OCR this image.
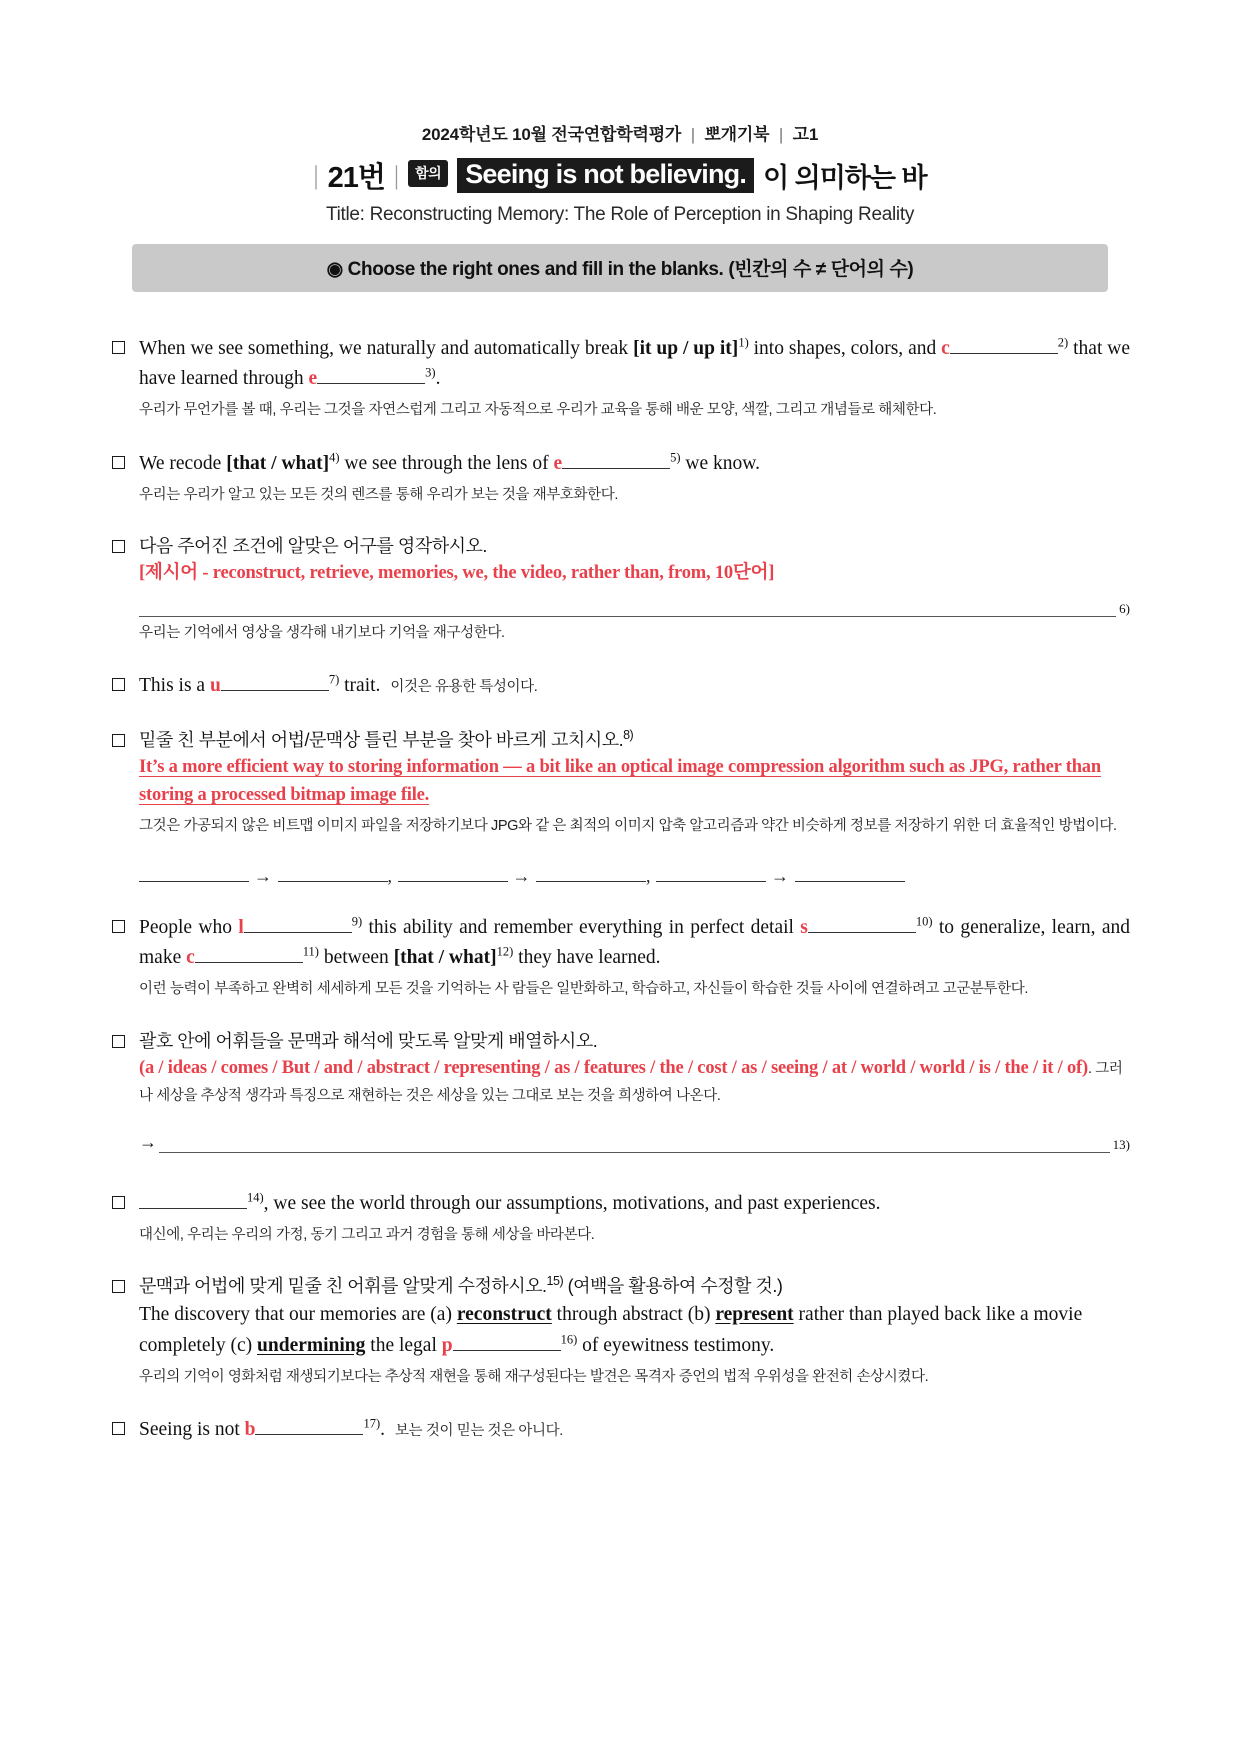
2024학년도 10월 전국연합학력평가 | 뽀개기북 | 고1
| 21번 |	함의 Seeing is not believing. 이 의미하는 바
Title: Reconstructing Memory: The Role of Perception in Shaping Reality
◉ Choose the right ones and fill in the blanks. (빈칸의 수 ≠ 단어의 수)
When we see something, we naturally and automatically break [it up / up it]$^{1)}$ into shapes, colors, and c	$^{2)}$ that we have learned through e	$^{3)}$.
우리가 무언가를 볼 때, 우리는 그것을 자연스럽게 그리고 자동적으로 우리가 교육을 통해 배운 모양, 색깔, 그리고 개념들로 해체한다.
We recode [that / what]$^{4)}$ we see through the lens of e	$^{5)}$ we know.
우리는 우리가 알고 있는 모든 것의 렌즈를 통해 우리가 보는 것을 재부호화한다.
다음 주어진 조건에 알맞은 어구를 영작하시오.
[제시어 - reconstruct, retrieve, memories, we, the video, rather than, from, 10단어]
6)
우리는 기억에서 영상을 생각해 내기보다 기억을 재구성한다.
This is a u	$^{7)}$ trait. 이것은 유용한 특성이다.
밑줄 친 부분에서 어법/문맥상 틀린 부분을 찾아 바르게 고치시오.$^{8)}$
It’s a more efficient way to storing information — a bit like an optical image compression algorithm such as JPG, rather than storing a processed bitmap image file.
그것은 가공되지 않은 비트맵 이미지 파일을 저장하기보다 JPG와 같 은 최적의 이미지 압축 알고리즘과 약간 비슷하게 정보를 저장하기 위한 더 효율적인 방법이다.
→	,	→	,	→
People who l	$^{9)}$ this ability and remember everything in perfect detail s	$^{10)}$ to generalize, learn, and make c	$^{11)}$ between [that / what]$^{12)}$ they have learned.
이런 능력이 부족하고 완벽히 세세하게 모든 것을 기억하는 사 람들은 일반화하고, 학습하고, 자신들이 학습한 것들 사이에 연결하려고 고군분투한다.
괄호 안에 어휘들을 문맥과 해석에 맞도록 알맞게 배열하시오.
(a / ideas / comes / But / and / abstract / representing / as / features / the / cost / as / seeing / at / world / world / is / the / it / of). 그러나 세상을 추상적 생각과 특징으로 재현하는 것은 세상을 있는 그대로 보는 것을 희생하여 나온다.
→	13)
$^{14)}$, we see the world through our assumptions, motivations, and past experiences.
대신에, 우리는 우리의 가정, 동기 그리고 과거 경험을 통해 세상을 바라본다.
문맥과 어법에 맞게 밑줄 친 어휘를 알맞게 수정하시오.$^{15)}$ (여백을 활용하여 수정할 것.)
The discovery that our memories are (a) reconstruct through abstract (b) represent rather than played back like a movie completely (c) undermining the legal p	$^{16)}$ of eyewitness testimony.
우리의 기억이 영화처럼 재생되기보다는 추상적 재현을 통해 재구성된다는 발견은 목격자 증언의 법적 우위성을 완전히 손상시켰다.
Seeing is not b	$^{17)}$. 보는 것이 믿는 것은 아니다.
